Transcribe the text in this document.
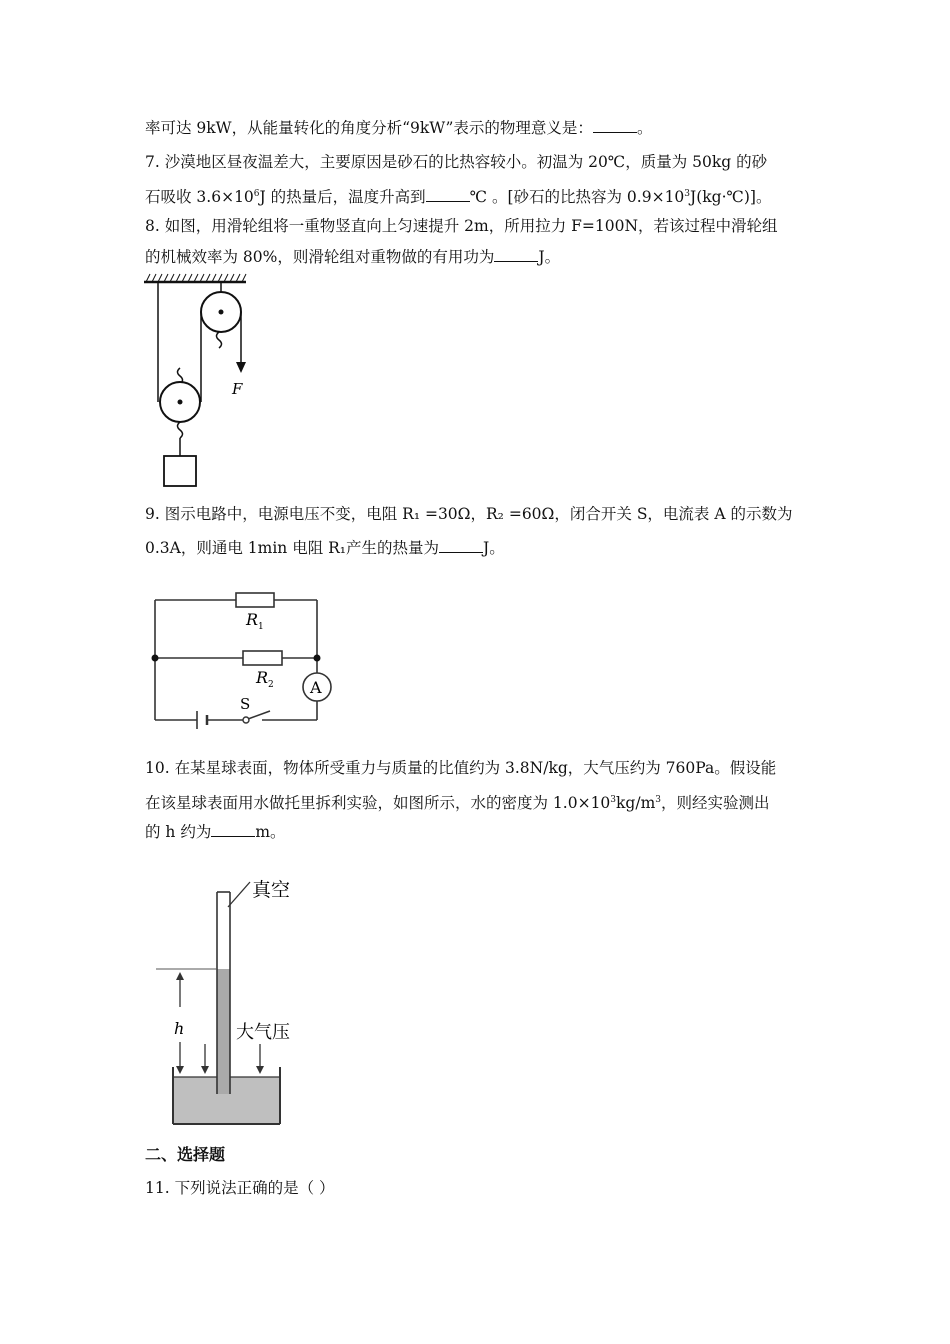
率可达 9kW，从能量转化的角度分析“9kW”表示的物理意义是：	。
7. 沙漠地区昼夜温差大，主要原因是砂石的比热容较小。初温为 20℃，质量为 50kg 的砂
石吸收 $3.6\times 10^6J$ 的热量后，温度升高到	℃ 。[砂石的比热容为 $0.9\times 10^3J(kg\cdot℃)$]。
8. 如图，用滑轮组将一重物竖直向上匀速提升 2m，所用拉力 F=100N，若该过程中滑轮组
的机械效率为 80%，则滑轮组对重物做的有用功为	J。
F
9. 图示电路中，电源电压不变，电阻 R₁ =30Ω，R₂ =60Ω，闭合开关 S，电流表 A 的示数为
0.3A，则通电 1min 电阻 R₁产生的热量为	J。
A
S
R 1
R 2
10. 在某星球表面，物体所受重力与质量的比值约为 3.8N/kg，大气压约为 760Pa。假设能
在该星球表面用水做托里拆利实验，如图所示，水的密度为 $1.0\times 10^3kg/m^3$，则经实验测出
的 h 约为	m。
真空
h	大气压
二、选择题
11. 下列说法正确的是（ ）
